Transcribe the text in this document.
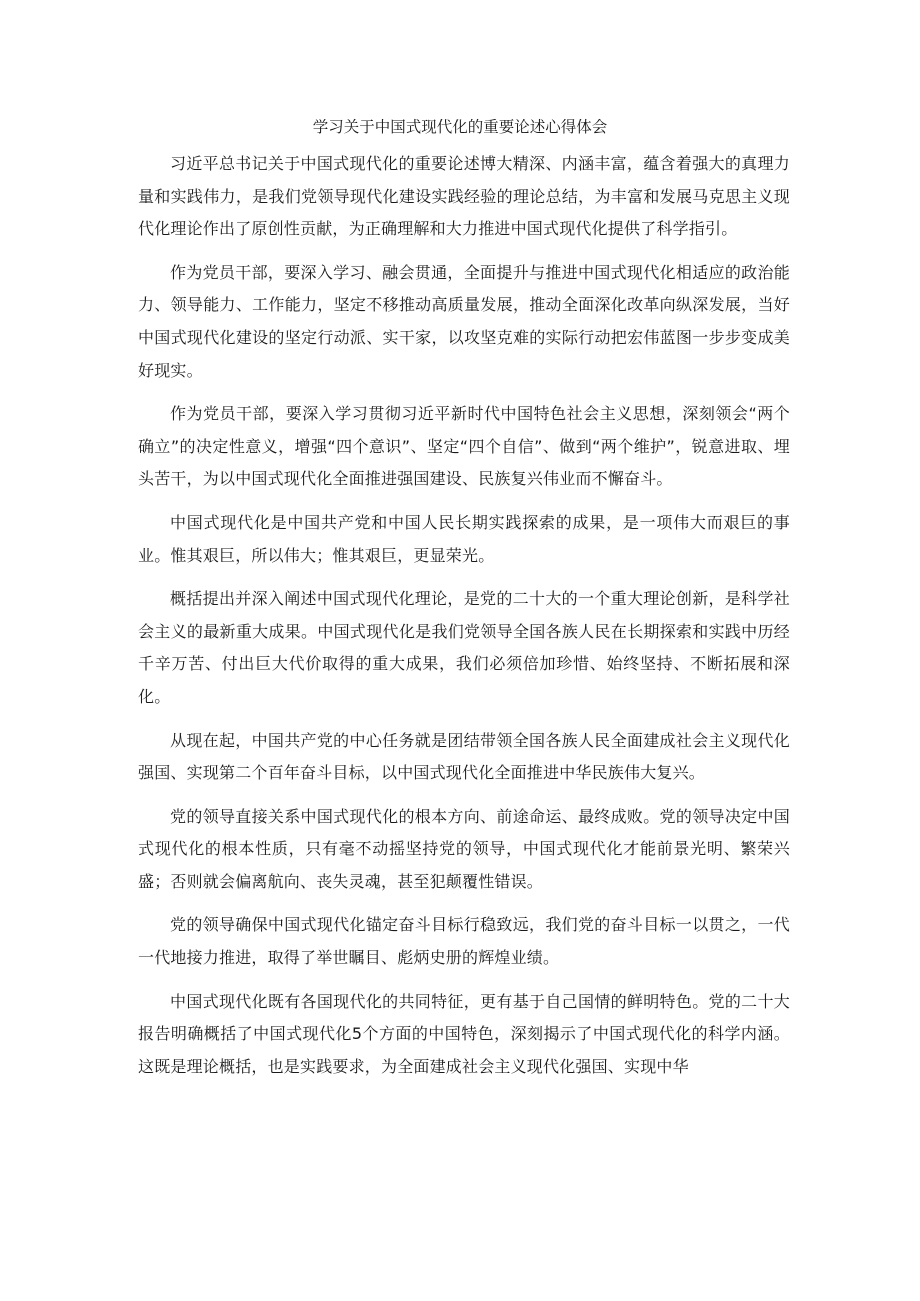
学习关于中国式现代化的重要论述心得体会

习近平总书记关于中国式现代化的重要论述博大精深、内涵丰富，蕴含着强大的真理力量和实践伟力，是我们党领导现代化建设实践经验的理论总结，为丰富和发展马克思主义现代化理论作出了原创性贡献，为正确理解和大力推进中国式现代化提供了科学指引。

作为党员干部，要深入学习、融会贯通，全面提升与推进中国式现代化相适应的政治能力、领导能力、工作能力，坚定不移推动高质量发展，推动全面深化改革向纵深发展，当好中国式现代化建设的坚定行动派、实干家，以攻坚克难的实际行动把宏伟蓝图一步步变成美好现实。

作为党员干部，要深入学习贯彻习近平新时代中国特色社会主义思想，深刻领会“两个确立”的决定性意义，增强“四个意识”、坚定“四个自信”、做到“两个维护”，锐意进取、埋头苦干，为以中国式现代化全面推进强国建设、民族复兴伟业而不懈奋斗。

中国式现代化是中国共产党和中国人民长期实践探索的成果，是一项伟大而艰巨的事业。惟其艰巨，所以伟大；惟其艰巨，更显荣光。

概括提出并深入阐述中国式现代化理论，是党的二十大的一个重大理论创新，是科学社会主义的最新重大成果。中国式现代化是我们党领导全国各族人民在长期探索和实践中历经千辛万苦、付出巨大代价取得的重大成果，我们必须倍加珍惜、始终坚持、不断拓展和深化。

从现在起，中国共产党的中心任务就是团结带领全国各族人民全面建成社会主义现代化强国、实现第二个百年奋斗目标，以中国式现代化全面推进中华民族伟大复兴。

党的领导直接关系中国式现代化的根本方向、前途命运、最终成败。党的领导决定中国式现代化的根本性质，只有毫不动摇坚持党的领导，中国式现代化才能前景光明、繁荣兴盛；否则就会偏离航向、丧失灵魂，甚至犯颠覆性错误。

党的领导确保中国式现代化锚定奋斗目标行稳致远，我们党的奋斗目标一以贯之，一代一代地接力推进，取得了举世瞩目、彪炳史册的辉煌业绩。

中国式现代化既有各国现代化的共同特征，更有基于自己国情的鲜明特色。党的二十大报告明确概括了中国式现代化5个方面的中国特色，深刻揭示了中国式现代化的科学内涵。这既是理论概括，也是实践要求，为全面建成社会主义现代化强国、实现中华
